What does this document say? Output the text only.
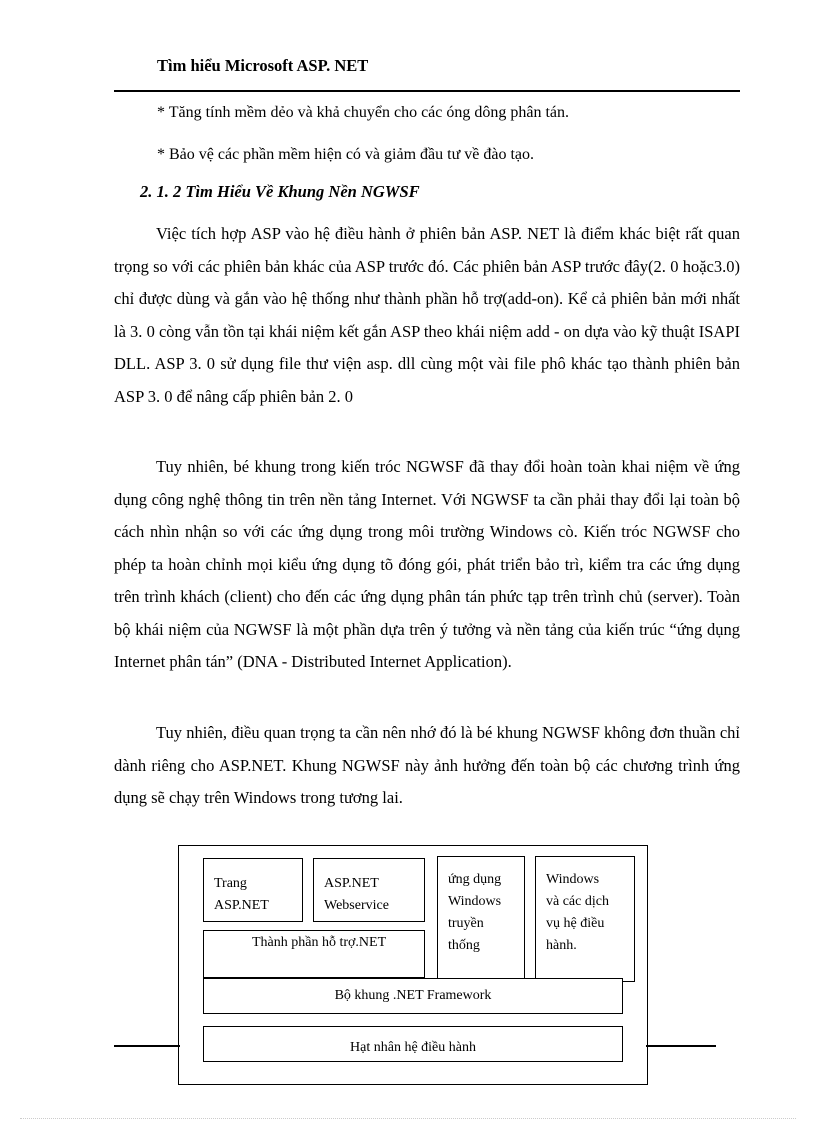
Tìm hiểu Microsoft ASP. NET
* Tăng tính mềm dẻo và khả chuyển cho các óng dông phân tán.
* Bảo vệ các phần mềm hiện có và giảm đầu tư về đào tạo.
2. 1. 2 Tìm Hiểu Về Khung Nền NGWSF

Việc tích hợp ASP vào hệ điều hành ở phiên bản ASP. NET là điểm khác biệt rất quan trọng so với các phiên bản khác của ASP trước đó. Các phiên bản ASP trước đây(2. 0 hoặc3.0) chỉ được dùng và gắn vào hệ thống như thành phần hỗ trợ(add-on). Kể cả phiên bản mới nhất là 3. 0 còng vẫn tồn tại khái niệm kết gắn ASP theo khái niệm add - on dựa vào kỹ thuật ISAPI DLL. ASP 3. 0 sử dụng file thư viện asp. dll cùng một vài file phô khác tạo thành phiên bản ASP 3. 0 để nâng cấp phiên bản 2. 0

Tuy nhiên, bé khung trong kiến tróc NGWSF đã thay đổi hoàn toàn khai niệm về ứng dụng công nghệ thông tin trên nền tảng Internet. Với NGWSF ta cần phải thay đổi lại toàn bộ cách nhìn nhận so với các ứng dụng trong môi trường Windows cò. Kiến tróc NGWSF cho phép ta hoàn chỉnh mọi kiểu ứng dụng tõ đóng gói, phát triển bảo trì, kiểm tra các ứng dụng trên trình khách (client) cho đến các ứng dụng phân tán phức tạp trên trình chủ (server). Toàn bộ khái niệm của NGWSF là một phần dựa trên ý tưởng và nền tảng của kiến trúc “ứng dụng Internet phân tán” (DNA - Distributed Internet Application).

Tuy nhiên, điều quan trọng ta cần nên nhớ đó là bé khung NGWSF không đơn thuần chỉ dành riêng cho ASP.NET. Khung NGWSF này ảnh hưởng đến toàn bộ các chương trình ứng dụng sẽ chạy trên Windows trong tương lai.

Trang
ASP.NET
ASP.NET
Webservice
Thành phần hỗ trợ.NET
ứng dụng
Windows
truyền
thống
Windows
và các dịch
vụ hệ điều
hành.
Bộ khung .NET Framework
Hạt nhân hệ điều hành
